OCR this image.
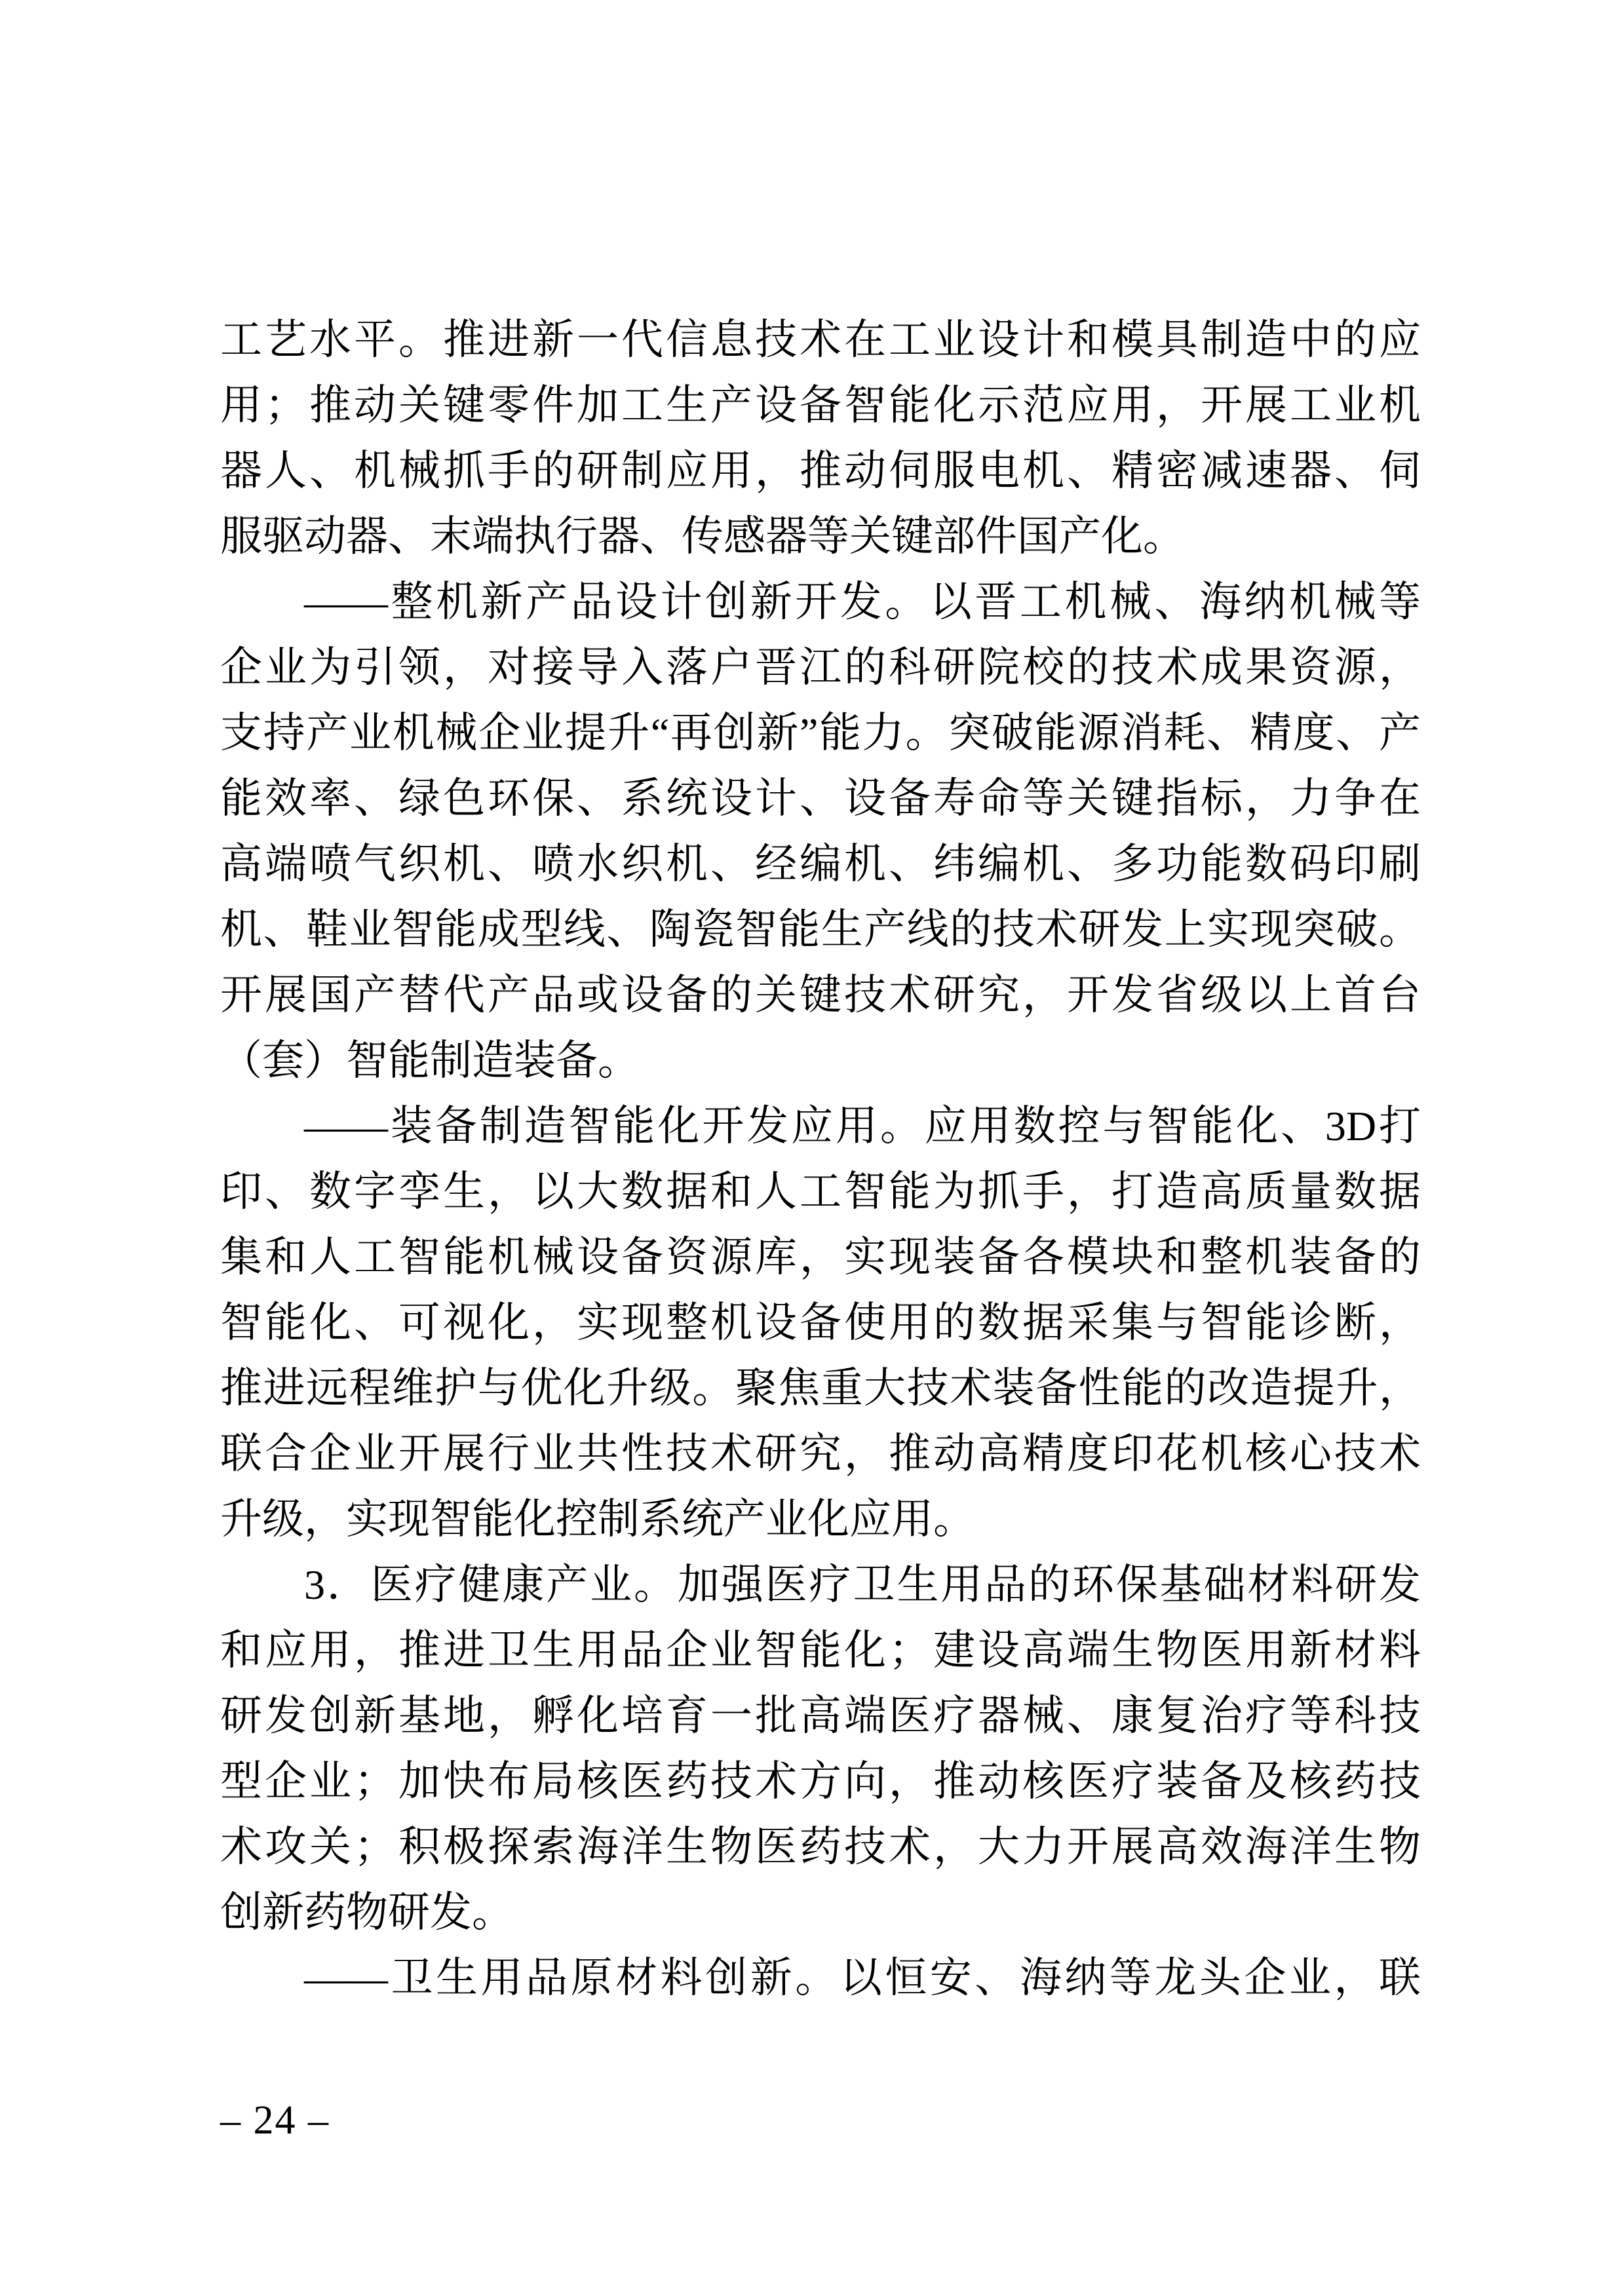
工艺水平。推进新一代信息技术在工业设计和模具制造中的应
用；推动关键零件加工生产设备智能化示范应用，开展工业机
器人、机械抓手的研制应用，推动伺服电机、精密减速器、伺
服驱动器、末端执行器、传感器等关键部件国产化。
——整机新产品设计创新开发。以晋工机械、海纳机械等
企业为引领，对接导入落户晋江的科研院校的技术成果资源，
支持产业机械企业提升“再创新”能力。突破能源消耗、精度、产
能效率、绿色环保、系统设计、设备寿命等关键指标，力争在
高端喷气织机、喷水织机、经编机、纬编机、多功能数码印刷
机、鞋业智能成型线、陶瓷智能生产线的技术研发上实现突破。
开展国产替代产品或设备的关键技术研究，开发省级以上首台
（套）智能制造装备。
——装备制造智能化开发应用。应用数控与智能化、3D打
印、数字孪生，以大数据和人工智能为抓手，打造高质量数据
集和人工智能机械设备资源库，实现装备各模块和整机装备的
智能化、可视化，实现整机设备使用的数据采集与智能诊断，
推进远程维护与优化升级。聚焦重大技术装备性能的改造提升，
联合企业开展行业共性技术研究，推动高精度印花机核心技术
升级，实现智能化控制系统产业化应用。
3．医疗健康产业。加强医疗卫生用品的环保基础材料研发
和应用，推进卫生用品企业智能化；建设高端生物医用新材料
研发创新基地，孵化培育一批高端医疗器械、康复治疗等科技
型企业；加快布局核医药技术方向，推动核医疗装备及核药技
术攻关；积极探索海洋生物医药技术，大力开展高效海洋生物
创新药物研发。
——卫生用品原材料创新。以恒安、海纳等龙头企业，联
– 24 –
